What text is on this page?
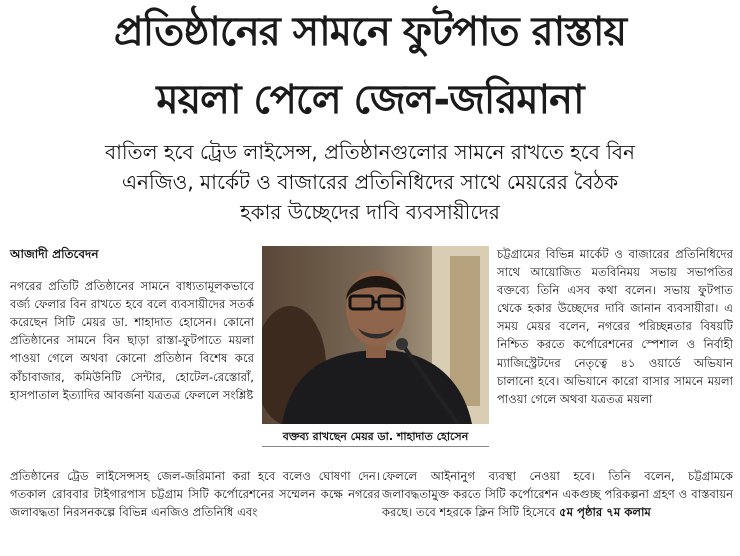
প্রতিষ্ঠানের সামনে ফুটপাত রাস্তায়
ময়লা পেলে জেল-জরিমানা
বাতিল হবে ট্রেড লাইসেন্স, প্রতিষ্ঠানগুলোর সামনে রাখতে হবে বিন
এনজিও, মার্কেট ও বাজারের প্রতিনিধিদের সাথে মেয়রের বৈঠক
হকার উচ্ছেদের দাবি ব্যবসায়ীদের
আজাদী প্রতিবেদন

নগরের প্রতিটি প্রতিষ্ঠানের সামনে বাধ্যতামূলকভাবে বর্জ্য ফেলার বিন রাখতে হবে বলে ব্যবসায়ীদের সতর্ক করেছেন সিটি মেয়র ডা. শাহাদাত হোসেন। কোনো প্রতিষ্ঠানের সামনে বিন ছাড়া রাস্তা-ফুটপাতে ময়লা পাওয়া গেলে অথবা কোনো প্রতিষ্ঠান বিশেষ করে কাঁচাবাজার, কমিউনিটি সেন্টার, হোটেল-রেস্তোরাঁ, হাসপাতাল ইত্যাদির আবর্জনা যত্রতত্র ফেললে সংশ্লিষ্ট

বক্তব্য রাখছেন মেয়র ডা. শাহাদাত হোসেন

চট্টগ্রামের বিভিন্ন মার্কেট ও বাজারের প্রতিনিধিদের সাথে আয়োজিত মতবিনিময় সভায় সভাপতির বক্তব্যে তিনি এসব কথা বলেন। সভায় ফুটপাত থেকে হকার উচ্ছেদের দাবি জানান ব্যবসায়ীরা। এ সময় মেয়র বলেন, নগরের পরিচ্ছন্নতার বিষয়টি নিশ্চিত করতে কর্পোরেশনের স্পেশাল ও নির্বাহী ম্যাজিস্ট্রেটদের নেতৃত্বে ৪১ ওয়ার্ডে অভিযান চালানো হবে। অভিযানে কারো বাসার সামনে ময়লা পাওয়া গেলে অথবা যত্রতত্র ময়লা

প্রতিষ্ঠানের ট্রেড লাইসেন্সসহ জেল-জরিমানা করা হবে বলেও ঘোষণা দেন। গতকাল রোববার টাইগারপাস চট্টগ্রাম সিটি কর্পোরেশনের সম্মেলন কক্ষে নগরের জলাবদ্ধতা নিরসনকল্পে বিভিন্ন এনজিও প্রতিনিধি এবং

ফেললে আইনানুগ ব্যবস্থা নেওয়া হবে। তিনি বলেন, চট্টগ্রামকে জলাবদ্ধতামুক্ত করতে সিটি কর্পোরেশন একগুচ্ছ পরিকল্পনা গ্রহণ ও বাস্তবায়ন করছে। তবে শহরকে ক্লিন সিটি হিসেবে ৫ম পৃষ্ঠার ৭ম কলাম
